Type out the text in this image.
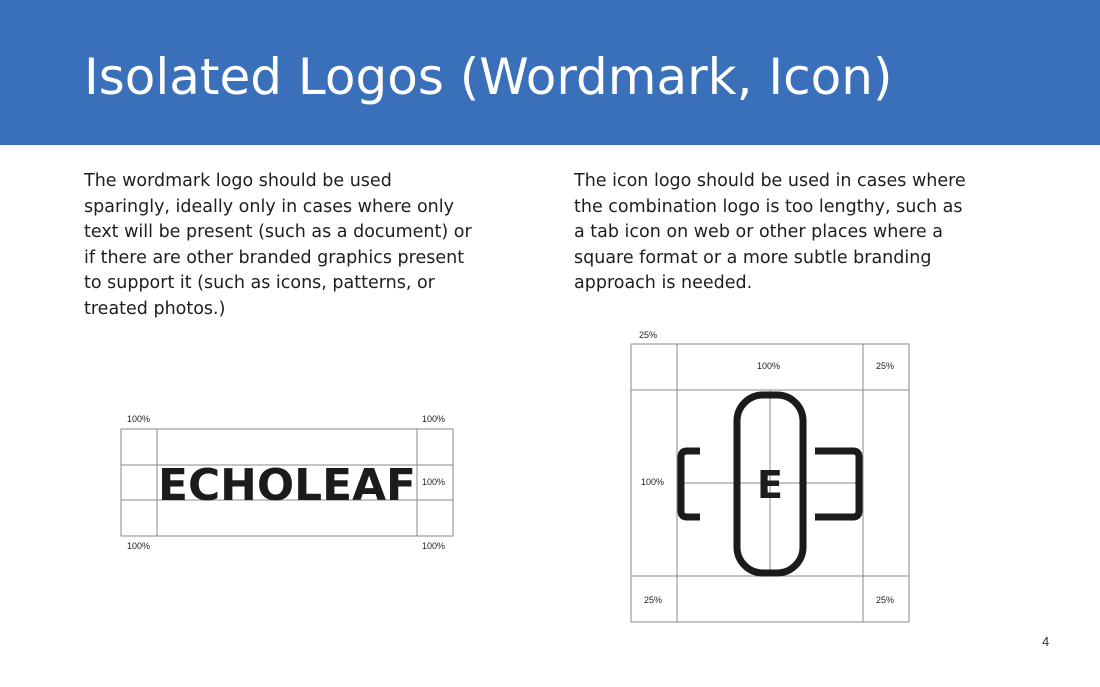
Isolated Logos (Wordmark, Icon)

The wordmark logo should be used
sparingly, ideally only in cases where only
text will be present (such as a document) or
if there are other branded graphics present
to support it (such as icons, patterns, or
treated photos.)

The icon logo should be used in cases where
the combination logo is too lengthy, such as
a tab icon on web or other places where a
square format or a more subtle branding
approach is needed.

100%	100%
100%
100%	100%
ECHOLEAF	E
25%
100%	25%
100%
25%	25%
4
